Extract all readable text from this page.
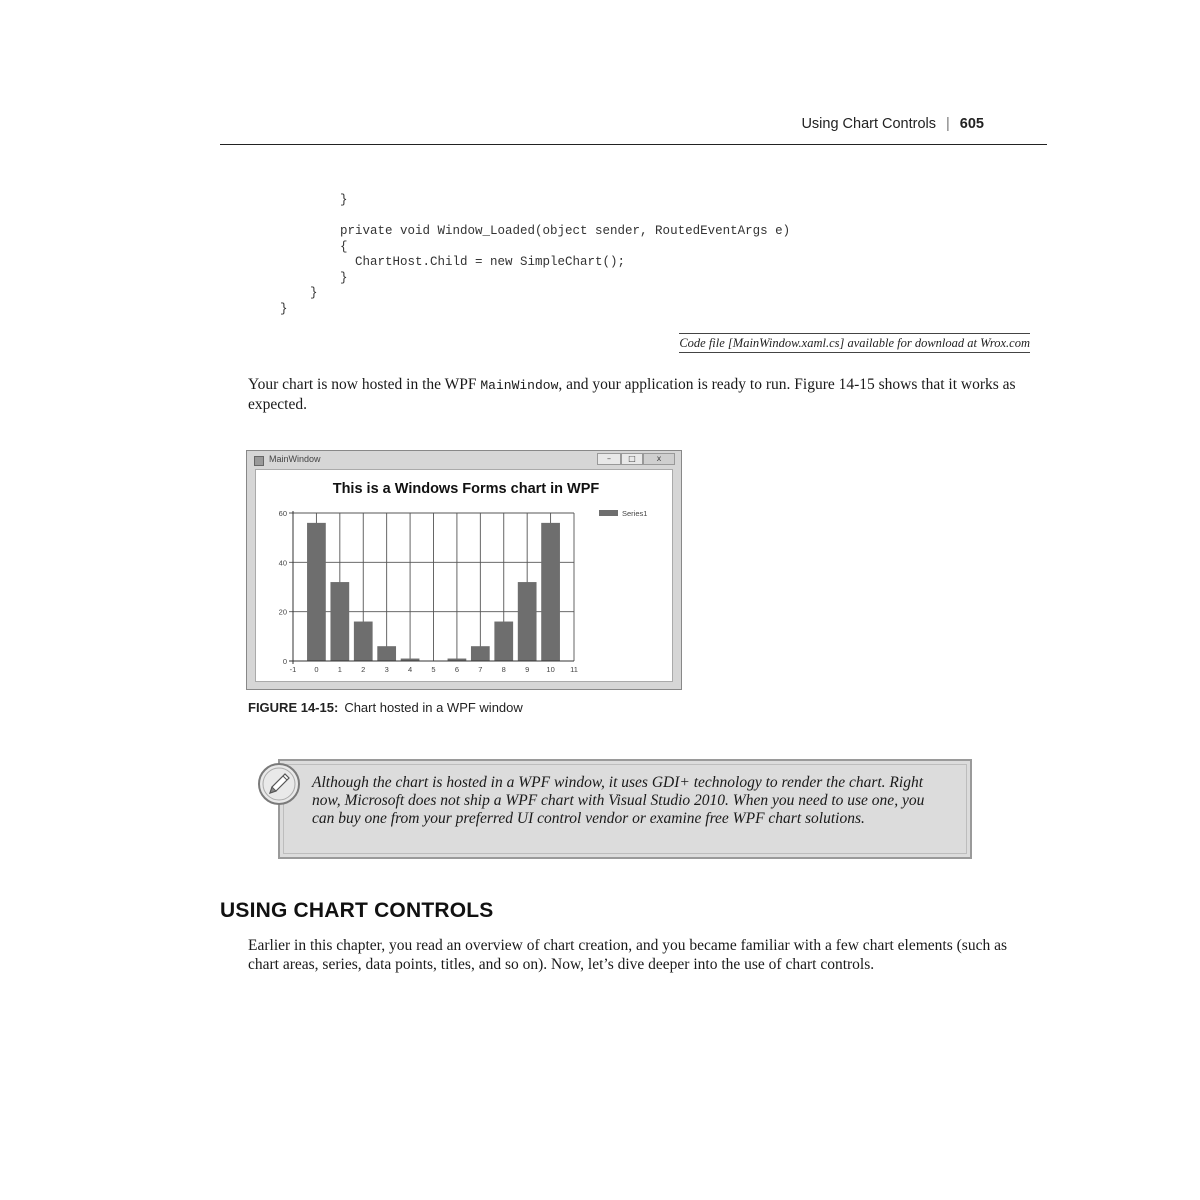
Using Chart Controls | 605
}

private void Window_Loaded(object sender, RoutedEventArgs e)
{
ChartHost.Child = new SimpleChart();
}
}
}
Code file [MainWindow.xaml.cs] available for download at Wrox.com
Your chart is now hosted in the WPF MainWindow, and your application is ready to run. Figure 14-15 shows that it works as expected.
MainWindow	–	□	x
This is a Windows Forms chart in WPF
Series1
-1 0	1	2	3	4	5	6	7	8	9 10 11
0
20
40
60
FIGURE 14-15: Chart hosted in a WPF window
Although the chart is hosted in a WPF window, it uses GDI+ technology to render the chart. Right now, Microsoft does not ship a WPF chart with Visual Studio 2010. When you need to use one, you can buy one from your preferred UI control vendor or examine free WPF chart solutions.
USING CHART CONTROLS
Earlier in this chapter, you read an overview of chart creation, and you became familiar with a few chart elements (such as chart areas, series, data points, titles, and so on). Now, let’s dive deeper into the use of chart controls.
